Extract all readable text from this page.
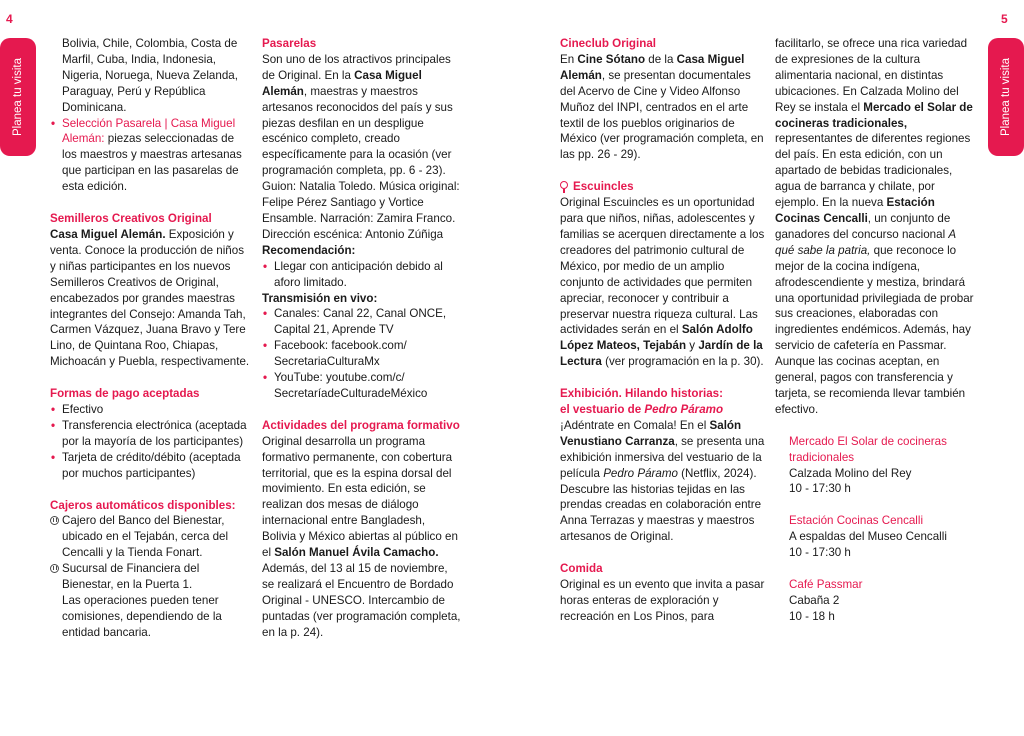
4	5
Planea tu visita	Planea tu visita

Bolivia, Chile, Colombia, Costa de Marfil, Cuba, India, Indonesia, Nigeria, Noruega, Nueva Zelanda, Paraguay, Perú y República Dominicana.

• Selección Pasarela | Casa Miguel Alemán: piezas seleccionadas de los maestros y maestras artesanas que participan en las pasarelas de esta edición.

Semilleros Creativos Original

Casa Miguel Alemán. Exposición y venta. Conoce la producción de niños y niñas participantes en los nuevos Semilleros Creativos de Original, encabezados por grandes maestras integrantes del Consejo: Amanda Tah, Carmen Vázquez, Juana Bravo y Tere Lino, de Quintana Roo, Chiapas, Michoacán y Puebla, respectivamente.

Formas de pago aceptadas

• Efectivo
• Transferencia electrónica (aceptada por la mayoría de los participantes)
• Tarjeta de crédito/débito (aceptada por muchos participantes)

Cajeros automáticos disponibles:

Cajero del Banco del Bienestar, ubicado en el Tejabán, cerca del Cencalli y la Tienda Fonart.
Sucursal de Financiera del Bienestar, en la Puerta 1.

Las operaciones pueden tener comisiones, dependiendo de la entidad bancaria.

Pasarelas

Son uno de los atractivos principales de Original. En la Casa Miguel Alemán, maestras y maestros artesanos reconocidos del país y sus piezas desfilan en un despligue escénico completo, creado específicamente para la ocasión (ver programación completa, pp. 6 - 23).

Guion: Natalia Toledo. Música original: Felipe Pérez Santiago y Vortice Ensamble. Narración: Zamira Franco. Dirección escénica: Antonio Zúñiga

Recomendación:

• Llegar con anticipación debido al aforo limitado.

Transmisión en vivo:

• Canales: Canal 22, Canal ONCE, Capital 21, Aprende TV
• Facebook: facebook.com/ SecretariaCulturaMx
• YouTube: youtube.com/c/ SecretaríadeCulturadeMéxico

Actividades del programa formativo

Original desarrolla un programa formativo permanente, con cobertura territorial, que es la espina dorsal del movimiento. En esta edición, se realizan dos mesas de diálogo internacional entre Bangladesh, Bolivia y México abiertas al público en el Salón Manuel Ávila Camacho. Además, del 13 al 15 de noviembre, se realizará el Encuentro de Bordado Original - UNESCO. Intercambio de puntadas (ver programación completa, en la p. 24).

Cineclub Original

En Cine Sótano de la Casa Miguel Alemán, se presentan documentales del Acervo de Cine y Video Alfonso Muñoz del INPI, centrados en el arte textil de los pueblos originarios de México (ver programación completa, en las pp. 26 - 29).

Escuincles

Original Escuincles es un oportunidad para que niños, niñas, adolescentes y familias se acerquen directamente a los creadores del patrimonio cultural de México, por medio de un amplio conjunto de actividades que permiten apreciar, reconocer y contribuir a preservar nuestra riqueza cultural. Las actividades serán en el Salón Adolfo López Mateos, Tejabán y Jardín de la Lectura (ver programación en la p. 30).

Exhibición. Hilando historias:

el vestuario de Pedro Páramo

¡Adéntrate en Comala! En el Salón Venustiano Carranza, se presenta una exhibición inmersiva del vestuario de la película Pedro Páramo (Netflix, 2024). Descubre las historias tejidas en las prendas creadas en colaboración entre Anna Terrazas y maestras y maestros artesanos de Original.

Comida

Original es un evento que invita a pasar horas enteras de exploración y recreación en Los Pinos, para

facilitarlo, se ofrece una rica variedad de expresiones de la cultura alimentaria nacional, en distintas ubicaciones. En Calzada Molino del Rey se instala el Mercado el Solar de cocineras tradicionales, representantes de diferentes regiones del país. En esta edición, con un apartado de bebidas tradicionales, agua de barranca y chilate, por ejemplo. En la nueva Estación Cocinas Cencalli, un conjunto de ganadores del concurso nacional A qué sabe la patria, que reconoce lo mejor de la cocina indígena, afrodescendiente y mestiza, brindará una oportunidad privilegiada de probar sus creaciones, elaboradas con ingredientes endémicos. Además, hay servicio de cafetería en Passmar. Aunque las cocinas aceptan, en general, pagos con transferencia y tarjeta, se recomienda llevar también efectivo.

Mercado El Solar de cocineras tradicionales

Calzada Molino del Rey

10 - 17:30 h

Estación Cocinas Cencalli

A espaldas del Museo Cencalli

10 - 17:30 h

Café Passmar

Cabaña 2

10 - 18 h
